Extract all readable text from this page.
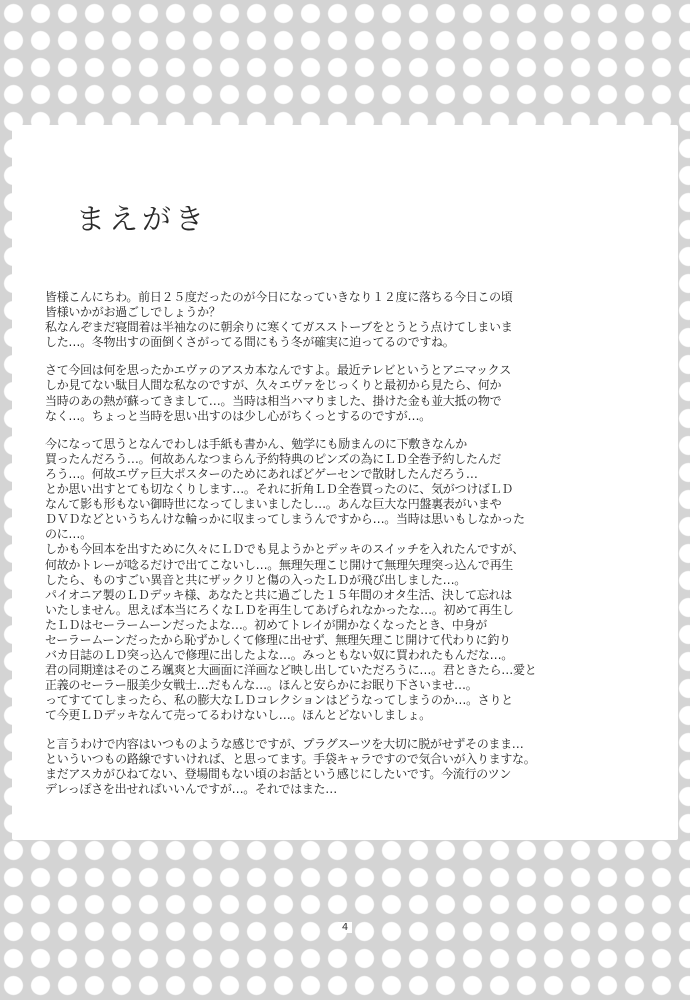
まえがき

皆様こんにちわ。前日２５度だったのが今日になっていきなり１２度に落ちる今日この頃
皆様いかがお過ごしでしょうか？
私なんぞまだ寝間着は半袖なのに朝余りに寒くてガスストーブをとうとう点けてしまいま
した…。冬物出すの面倒くさがってる間にもう冬が確実に迫ってるのですね。

さて今回は何を思ったかエヴァのアスカ本なんですよ。最近テレビというとアニマックス
しか見てない駄目人間な私なのですが、久々エヴァをじっくりと最初から見たら、何か
当時のあの熱が蘇ってきまして…。当時は相当ハマりました、掛けた金も並大抵の物で
なく…。ちょっと当時を思い出すのは少し心がちくっとするのですが…。

今になって思うとなんでわしは手紙も書かん、勉学にも励まんのに下敷きなんか
買ったんだろう…。何故あんなつまらん予約特典のピンズの為にＬＤ全巻予約したんだ
ろう…。何故エヴァ巨大ポスターのためにあればどゲーセンで散財したんだろう…
とか思い出すとても切なくりします…。それに折角ＬＤ全巻買ったのに、気がつけばＬＤ
なんて影も形もない御時世になってしまいましたし…。あんな巨大な円盤裏表がいまや
ＤＶＤなどというちんけな輪っかに収まってしまうんですから…。当時は思いもしなかった
のに…。
しかも今回本を出すために久々にＬＤでも見ようかとデッキのスイッチを入れたんですが、
何故かトレーが唸るだけで出てこないし…。無理矢理こじ開けて無理矢理突っ込んで再生
したら、ものすごい異音と共にザックリと傷の入ったＬＤが飛び出しました…。
パイオニア製のＬＤデッキ様、あなたと共に過ごした１５年間のオタ生活、決して忘れは
いたしません。思えば本当にろくなＬＤを再生してあげられなかったな…。初めて再生し
たＬＤはセーラームーンだったよな…。初めてトレイが開かなくなったとき、中身が
セーラームーンだったから恥ずかしくて修理に出せず、無理矢理こじ開けて代わりに釣り
バカ日誌のＬＤ突っ込んで修理に出したよな…。みっともない奴に買われたもんだな…。
君の同期達はそのころ颯爽と大画面に洋画など映し出していただろうに…。君ときたら…愛と
正義のセーラー服美少女戦士…だもんな…。ほんと安らかにお眠り下さいませ…。
ってすててしまったら、私の膨大なＬＤコレクションはどうなってしまうのか…。さりと
て今更ＬＤデッキなんて売ってるわけないし…。ほんとどないしましょ。

と言うわけで内容はいつものような感じですが、プラグスーツを大切に脱がせずそのまま…
といういつもの路線ですいけれぱ、と思ってます。手袋キャラですので気合いが入りますな。
まだアスカがひねてない、登場間もない頃のお話という感じにしたいです。今流行のツン
デレっぽさを出せればいいんですが…。それではまた…

4
